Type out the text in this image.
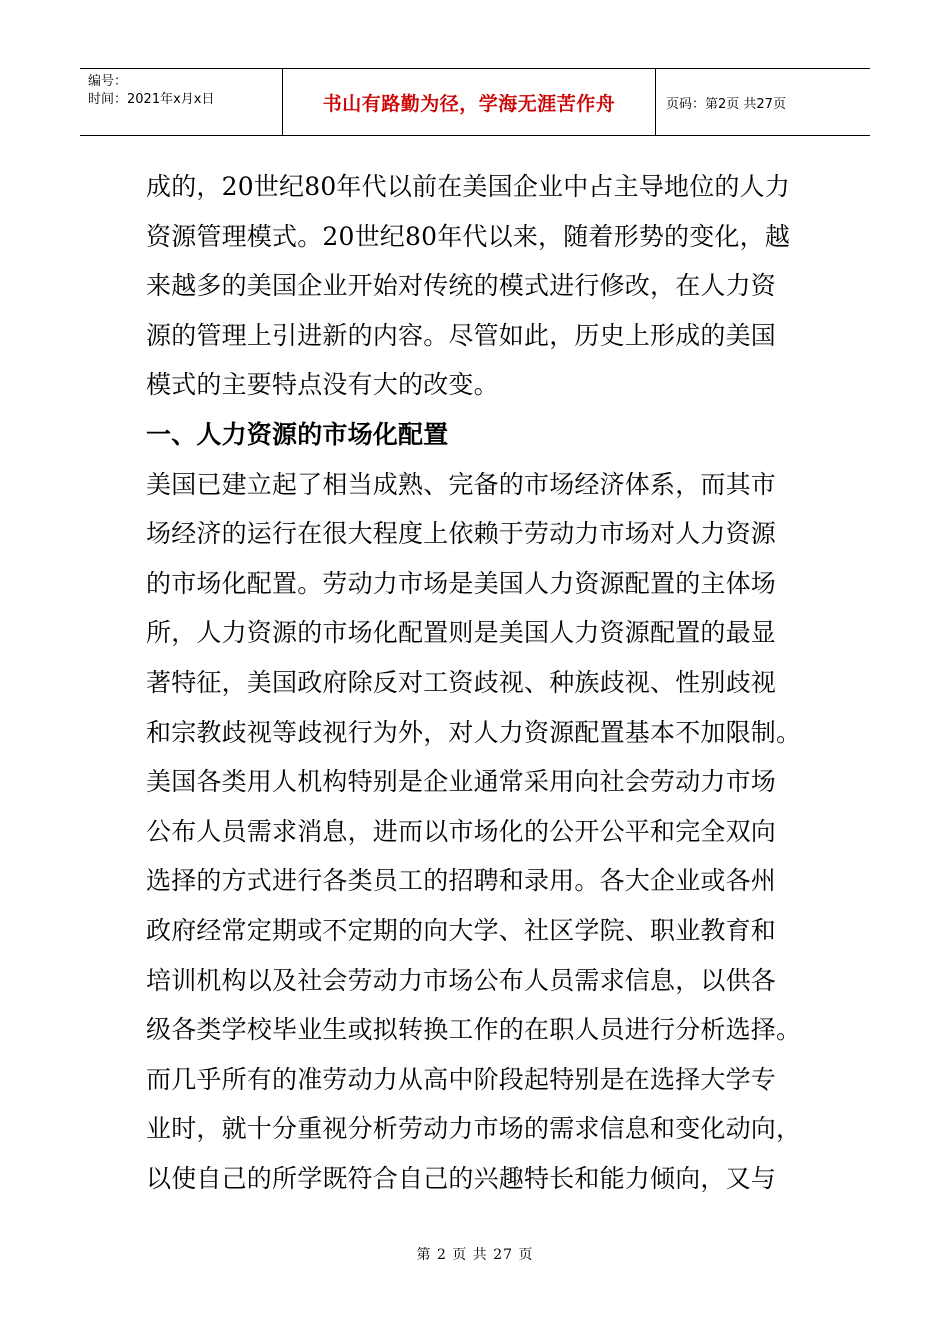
编号：
时间：2021年x月x日	书山有路勤为径，学海无涯苦作舟	页码：第2页 共27页
成的，20世纪80年代以前在美国企业中占主导地位的人力
资源管理模式。20世纪80年代以来，随着形势的变化，越
来越多的美国企业开始对传统的模式进行修改，在人力资
源的管理上引进新的内容。尽管如此，历史上形成的美国
模式的主要特点没有大的改变。
一、人力资源的市场化配置
美国已建立起了相当成熟、完备的市场经济体系，而其市
场经济的运行在很大程度上依赖于劳动力市场对人力资源
的市场化配置。劳动力市场是美国人力资源配置的主体场
所，人力资源的市场化配置则是美国人力资源配置的最显
著特征，美国政府除反对工资歧视、种族歧视、性别歧视
和宗教歧视等歧视行为外，对人力资源配置基本不加限制。
美国各类用人机构特别是企业通常采用向社会劳动力市场
公布人员需求消息，进而以市场化的公开公平和完全双向
选择的方式进行各类员工的招聘和录用。各大企业或各州
政府经常定期或不定期的向大学、社区学院、职业教育和
培训机构以及社会劳动力市场公布人员需求信息，以供各
级各类学校毕业生或拟转换工作的在职人员进行分析选择。
而几乎所有的准劳动力从高中阶段起特别是在选择大学专
业时，就十分重视分析劳动力市场的需求信息和变化动向，
以使自己的所学既符合自己的兴趣特长和能力倾向，又与
第 2 页 共 27 页
